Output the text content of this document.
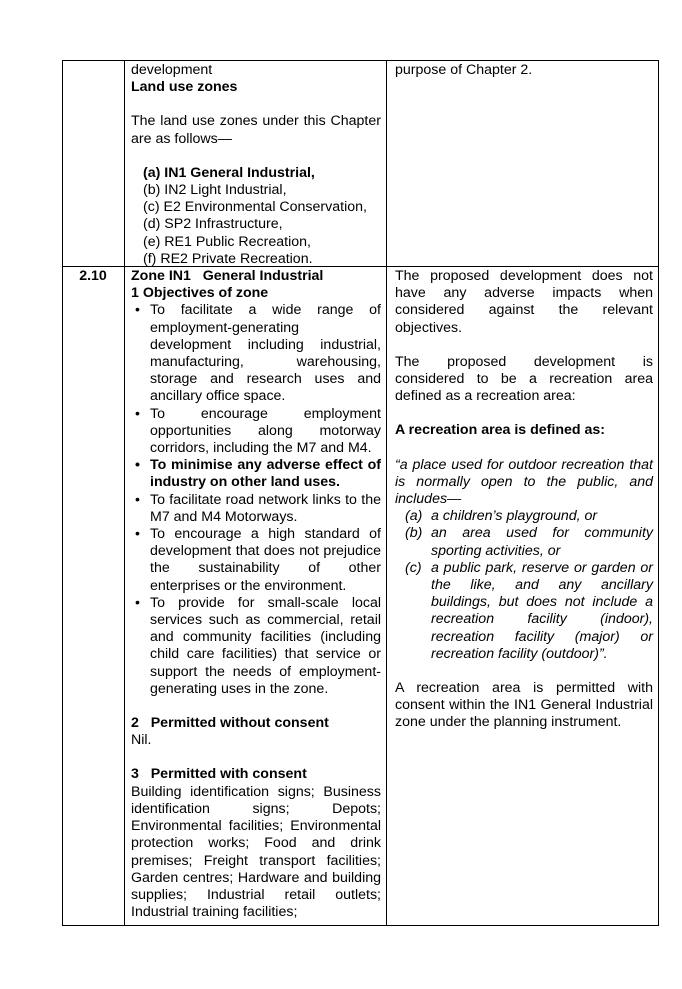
development
Land use zones
The land use zones under this Chapter are as follows—
(a) IN1 General Industrial,
(b) IN2 Light Industrial,
(c) E2 Environmental Conservation,
(d) SP2 Infrastructure,
(e) RE1 Public Recreation,
(f) RE2 Private Recreation.
purpose of Chapter 2.
2.10	Zone IN1   General Industrial
1 Objectives of zone
• To facilitate a wide range of employment-generating development including industrial, manufacturing, warehousing, storage and research uses and ancillary office space.
• To encourage employment opportunities along motorway corridors, including the M7 and M4.
• To minimise any adverse effect of industry on other land uses.
• To facilitate road network links to the M7 and M4 Motorways.
• To encourage a high standard of development that does not prejudice the sustainability of other enterprises or the environment.
• To provide for small-scale local services such as commercial, retail and community facilities (including child care facilities) that service or support the needs of employment-generating uses in the zone.
2   Permitted without consent
Nil.
3   Permitted with consent
Building identification signs; Business identification signs; Depots; Environmental facilities; Environmental protection works; Food and drink premises; Freight transport facilities; Garden centres; Hardware and building supplies; Industrial retail outlets; Industrial training facilities;
The proposed development does not have any adverse impacts when considered against the relevant objectives.
The proposed development is considered to be a recreation area defined as a recreation area:
A recreation area is defined as:
“a place used for outdoor recreation that is normally open to the public, and includes—
(a) a children’s playground, or
(b) an area used for community sporting activities, or
(c) a public park, reserve or garden or the like, and any ancillary buildings, but does not include a recreation facility (indoor), recreation facility (major) or recreation facility (outdoor)”.
A recreation area is permitted with consent within the IN1 General Industrial zone under the planning instrument.
